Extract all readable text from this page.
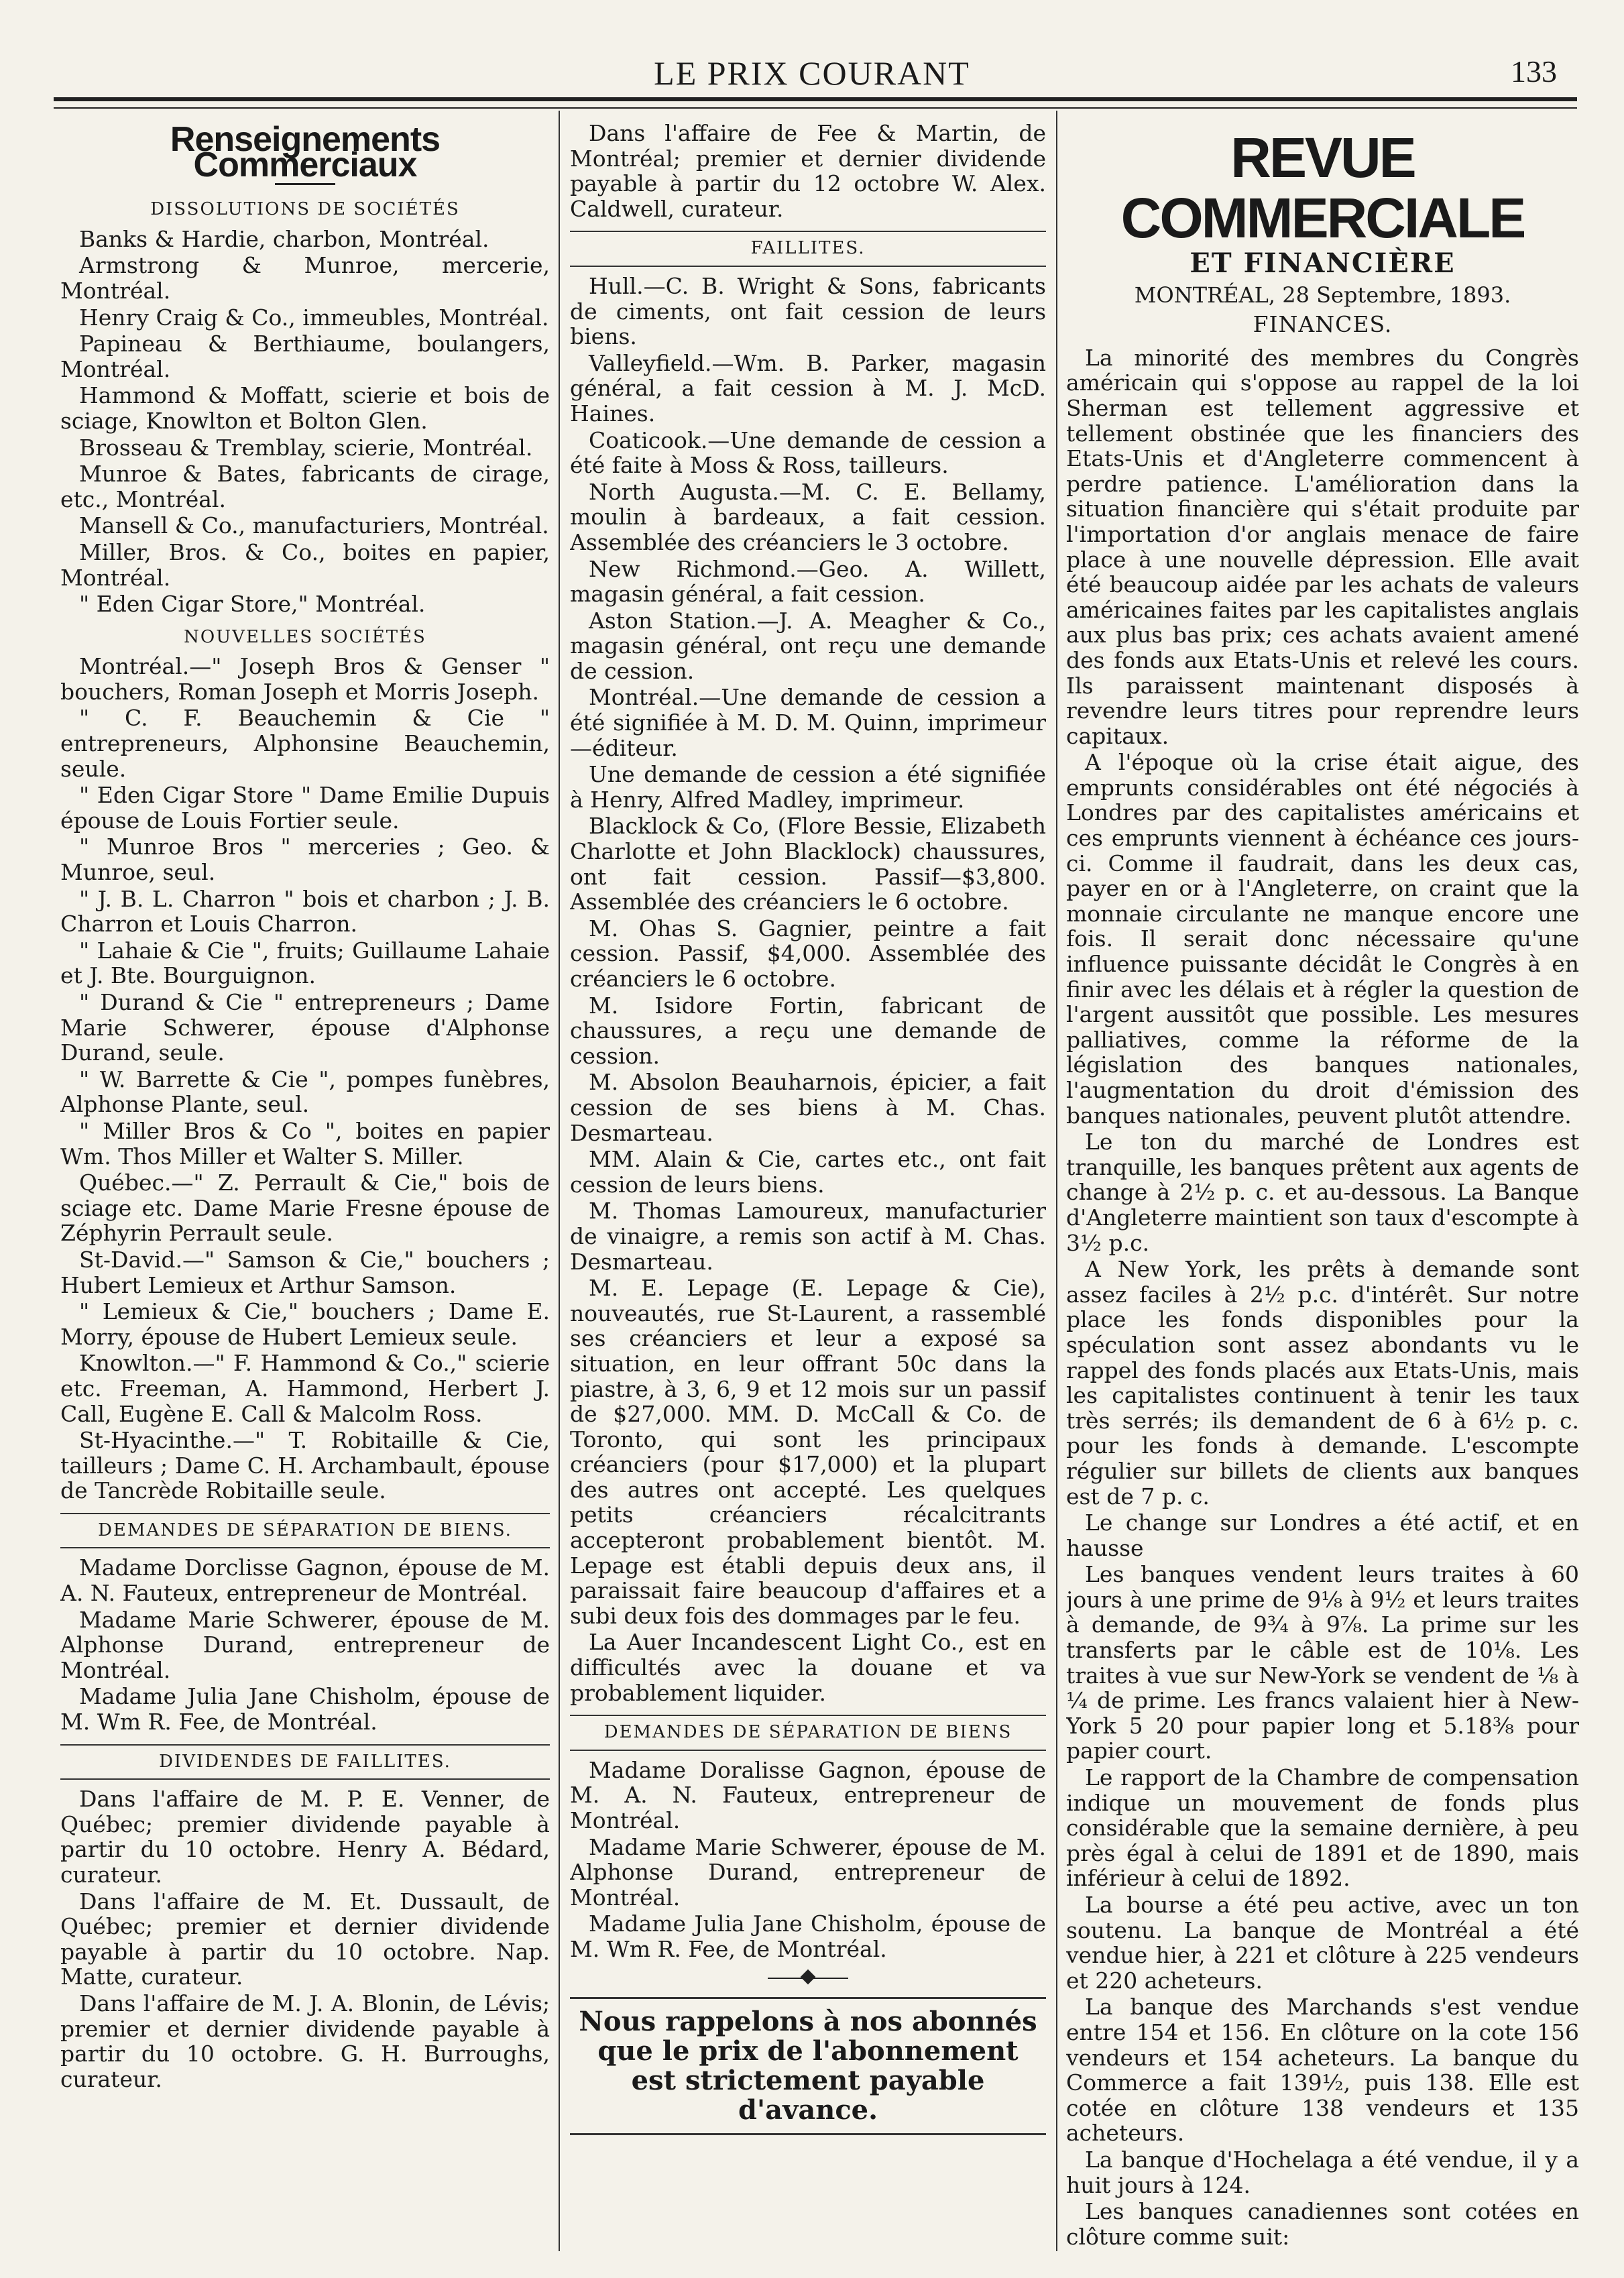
LE PRIX COURANT	133
Renseignements Commerciaux
DISSOLUTIONS DE SOCIÉTÉS

Banks & Hardie, charbon, Montréal.

Armstrong & Munroe, mercerie, Montréal.

Henry Craig & Co., immeubles, Montréal.

Papineau & Berthiaume, boulangers, Montréal.

Hammond & Moffatt, scierie et bois de sciage, Knowlton et Bolton Glen.

Brosseau & Tremblay, scierie, Montréal.

Munroe & Bates, fabricants de cirage, etc., Montréal.

Mansell & Co., manufacturiers, Montréal.

Miller, Bros. & Co., boites en papier, Montréal.

" Eden Cigar Store," Montréal.

NOUVELLES SOCIÉTÉS

Montréal.—" Joseph Bros & Genser " bouchers, Roman Joseph et Morris Joseph.

" C. F. Beauchemin & Cie " entrepreneurs, Alphonsine Beauchemin, seule.

" Eden Cigar Store " Dame Emilie Dupuis épouse de Louis Fortier seule.

" Munroe Bros " merceries ; Geo. & Munroe, seul.

" J. B. L. Charron " bois et charbon ; J. B. Charron et Louis Charron.

" Lahaie & Cie ", fruits; Guillaume Lahaie et J. Bte. Bourguignon.

" Durand & Cie " entrepreneurs ; Dame Marie Schwerer, épouse d'Alphonse Durand, seule.

" W. Barrette & Cie ", pompes funèbres, Alphonse Plante, seul.

" Miller Bros & Co ", boites en papier Wm. Thos Miller et Walter S. Miller.

Québec.—" Z. Perrault & Cie," bois de sciage etc. Dame Marie Fresne épouse de Zéphyrin Perrault seule.

St-David.—" Samson & Cie," bouchers ; Hubert Lemieux et Arthur Samson.

" Lemieux & Cie," bouchers ; Dame E. Morry, épouse de Hubert Lemieux seule.

Knowlton.—" F. Hammond & Co.," scierie etc. Freeman, A. Hammond, Herbert J. Call, Eugène E. Call & Malcolm Ross.

St-Hyacinthe.—" T. Robitaille & Cie, tailleurs ; Dame C. H. Archambault, épouse de Tancrède Robitaille seule.

DEMANDES DE SÉPARATION DE BIENS.

Madame Dorclisse Gagnon, épouse de M. A. N. Fauteux, entrepreneur de Montréal.

Madame Marie Schwerer, épouse de M. Alphonse Durand, entrepreneur de Montréal.

Madame Julia Jane Chisholm, épouse de M. Wm R. Fee, de Montréal.

DIVIDENDES DE FAILLITES.

Dans l'affaire de M. P. E. Venner, de Québec; premier dividende payable à partir du 10 octobre. Henry A. Bédard, curateur.

Dans l'affaire de M. Et. Dussault, de Québec; premier et dernier dividende payable à partir du 10 octobre. Nap. Matte, curateur.

Dans l'affaire de M. J. A. Blonin, de Lévis; premier et dernier dividende payable à partir du 10 octobre. G. H. Burroughs, curateur.

Dans l'affaire de Fee & Martin, de Montréal; premier et dernier dividende payable à partir du 12 octobre W. Alex. Caldwell, curateur.

FAILLITES.

Hull.—C. B. Wright & Sons, fabricants de ciments, ont fait cession de leurs biens.

Valleyfield.—Wm. B. Parker, magasin général, a fait cession à M. J. McD. Haines.

Coaticook.—Une demande de cession a été faite à Moss & Ross, tailleurs.

North Augusta.—M. C. E. Bellamy, moulin à bardeaux, a fait cession. Assemblée des créanciers le 3 octobre.

New Richmond.—Geo. A. Willett, magasin général, a fait cession.

Aston Station.—J. A. Meagher & Co., magasin général, ont reçu une demande de cession.

Montréal.—Une demande de cession a été signifiée à M. D. M. Quinn, imprimeur—éditeur.

Une demande de cession a été signifiée à Henry, Alfred Madley, imprimeur.

Blacklock & Co, (Flore Bessie, Elizabeth Charlotte et John Blacklock) chaussures, ont fait cession. Passif—$3,800. Assemblée des créanciers le 6 octobre.

M. Ohas S. Gagnier, peintre a fait cession. Passif, $4,000. Assemblée des créanciers le 6 octobre.

M. Isidore Fortin, fabricant de chaussures, a reçu une demande de cession.

M. Absolon Beauharnois, épicier, a fait cession de ses biens à M. Chas. Desmarteau.

MM. Alain & Cie, cartes etc., ont fait cession de leurs biens.

M. Thomas Lamoureux, manufacturier de vinaigre, a remis son actif à M. Chas. Desmarteau.

M. E. Lepage (E. Lepage & Cie), nouveautés, rue St-Laurent, a rassemblé ses créanciers et leur a exposé sa situation, en leur offrant 50c dans la piastre, à 3, 6, 9 et 12 mois sur un passif de $27,000. MM. D. McCall & Co. de Toronto, qui sont les principaux créanciers (pour $17,000) et la plupart des autres ont accepté. Les quelques petits créanciers récalcitrants accepteront probablement bientôt. M. Lepage est établi depuis deux ans, il paraissait faire beaucoup d'affaires et a subi deux fois des dommages par le feu.

La Auer Incandescent Light Co., est en difficultés avec la douane et va probablement liquider.

DEMANDES DE SÉPARATION DE BIENS

Madame Doralisse Gagnon, épouse de M. A. N. Fauteux, entrepreneur de Montréal.

Madame Marie Schwerer, épouse de M. Alphonse Durand, entrepreneur de Montréal.

Madame Julia Jane Chisholm, épouse de M. Wm R. Fee, de Montréal.

Nous rappelons à nos abonnés que le prix de l'abonnement est strictement payable d'avance.
REVUE COMMERCIALE
ET FINANCIÈRE
MONTRÉAL, 28 Septembre, 1893.
FINANCES.

La minorité des membres du Congrès américain qui s'oppose au rappel de la loi Sherman est tellement aggressive et tellement obstinée que les financiers des Etats-Unis et d'Angleterre commencent à perdre patience. L'amélioration dans la situation financière qui s'était produite par l'importation d'or anglais menace de faire place à une nouvelle dépression. Elle avait été beaucoup aidée par les achats de valeurs américaines faites par les capitalistes anglais aux plus bas prix; ces achats avaient amené des fonds aux Etats-Unis et relevé les cours. Ils paraissent maintenant disposés à revendre leurs titres pour reprendre leurs capitaux.

A l'époque où la crise était aigue, des emprunts considérables ont été négociés à Londres par des capitalistes américains et ces emprunts viennent à échéance ces jours-ci. Comme il faudrait, dans les deux cas, payer en or à l'Angleterre, on craint que la monnaie circulante ne manque encore une fois. Il serait donc nécessaire qu'une influence puissante décidât le Congrès à en finir avec les délais et à régler la question de l'argent aussitôt que possible. Les mesures palliatives, comme la réforme de la législation des banques nationales, l'augmentation du droit d'émission des banques nationales, peuvent plutôt attendre.

Le ton du marché de Londres est tranquille, les banques prêtent aux agents de change à 2½ p. c. et au-dessous. La Banque d'Angleterre maintient son taux d'escompte à 3½ p.c.

A New York, les prêts à demande sont assez faciles à 2½ p.c. d'intérêt. Sur notre place les fonds disponibles pour la spéculation sont assez abondants vu le rappel des fonds placés aux Etats-Unis, mais les capitalistes continuent à tenir les taux très serrés; ils demandent de 6 à 6½ p. c. pour les fonds à demande. L'escompte régulier sur billets de clients aux banques est de 7 p. c.

Le change sur Londres a été actif, et en hausse

Les banques vendent leurs traites à 60 jours à une prime de 9⅛ à 9½ et leurs traites à demande, de 9¾ à 9⅞. La prime sur les transferts par le câble est de 10⅛. Les traites à vue sur New-York se vendent de ⅛ à ¼ de prime. Les francs valaient hier à New-York 5 20 pour papier long et 5.18⅜ pour papier court.

Le rapport de la Chambre de compensation indique un mouvement de fonds plus considérable que la semaine dernière, à peu près égal à celui de 1891 et de 1890, mais inférieur à celui de 1892.

La bourse a été peu active, avec un ton soutenu. La banque de Montréal a été vendue hier, à 221 et clôture à 225 vendeurs et 220 acheteurs.

La banque des Marchands s'est vendue entre 154 et 156. En clôture on la cote 156 vendeurs et 154 acheteurs. La banque du Commerce a fait 139½, puis 138. Elle est cotée en clôture 138 vendeurs et 135 acheteurs.

La banque d'Hochelaga a été vendue, il y a huit jours à 124.

Les banques canadiennes sont cotées en clôture comme suit:
